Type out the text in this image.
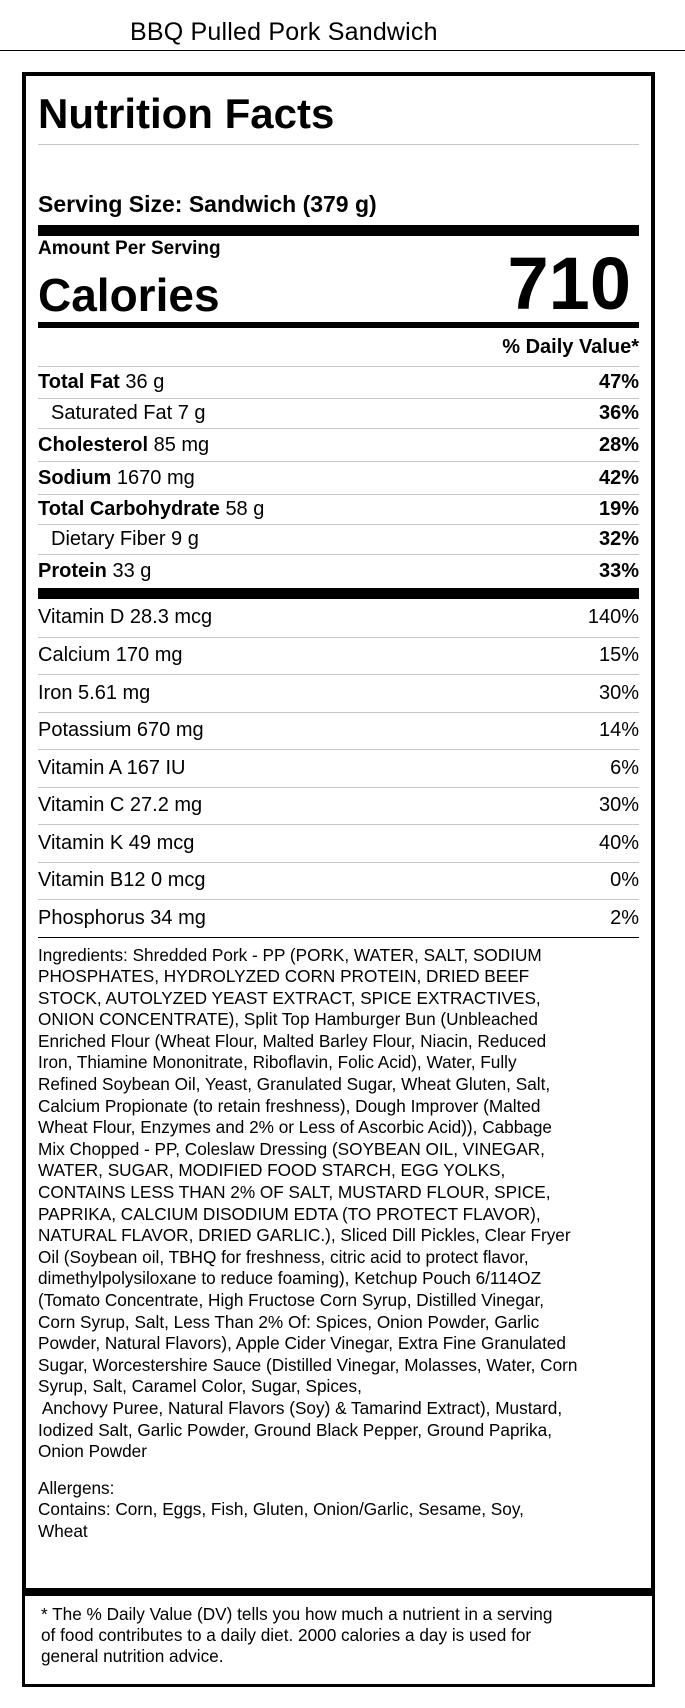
BBQ Pulled Pork Sandwich
Nutrition Facts
Serving Size: Sandwich (379 g)
Amount Per Serving
Calories	710
% Daily Value*
Total Fat 36 g	47%
Saturated Fat 7 g	36%
Cholesterol 85 mg	28%
Sodium 1670 mg	42%
Total Carbohydrate 58 g	19%
Dietary Fiber 9 g	32%
Protein 33 g	33%
Vitamin D 28.3 mcg	140%
Calcium 170 mg	15%
Iron 5.61 mg	30%
Potassium 670 mg	14%
Vitamin A 167 IU	6%
Vitamin C 27.2 mg	30%
Vitamin K 49 mcg	40%
Vitamin B12 0 mcg	0%
Phosphorus 34 mg	2%
Ingredients: Shredded Pork - PP (PORK, WATER, SALT, SODIUM
PHOSPHATES, HYDROLYZED CORN PROTEIN, DRIED BEEF
STOCK, AUTOLYZED YEAST EXTRACT, SPICE EXTRACTIVES,
ONION CONCENTRATE), Split Top Hamburger Bun (Unbleached
Enriched Flour (Wheat Flour, Malted Barley Flour, Niacin, Reduced
Iron, Thiamine Mononitrate, Riboflavin, Folic Acid), Water, Fully
Refined Soybean Oil, Yeast, Granulated Sugar, Wheat Gluten, Salt,
Calcium Propionate (to retain freshness), Dough Improver (Malted
Wheat Flour, Enzymes and 2% or Less of Ascorbic Acid)), Cabbage
Mix Chopped - PP, Coleslaw Dressing (SOYBEAN OIL, VINEGAR,
WATER, SUGAR, MODIFIED FOOD STARCH, EGG YOLKS,
CONTAINS LESS THAN 2% OF SALT, MUSTARD FLOUR, SPICE,
PAPRIKA, CALCIUM DISODIUM EDTA (TO PROTECT FLAVOR),
NATURAL FLAVOR, DRIED GARLIC.), Sliced Dill Pickles, Clear Fryer
Oil (Soybean oil, TBHQ for freshness, citric acid to protect flavor,
dimethylpolysiloxane to reduce foaming), Ketchup Pouch 6/114OZ
(Tomato Concentrate, High Fructose Corn Syrup, Distilled Vinegar,
Corn Syrup, Salt, Less Than 2% Of: Spices, Onion Powder, Garlic
Powder, Natural Flavors), Apple Cider Vinegar, Extra Fine Granulated
Sugar, Worcestershire Sauce (Distilled Vinegar, Molasses, Water, Corn
Syrup, Salt, Caramel Color, Sugar, Spices,
Anchovy Puree, Natural Flavors (Soy) & Tamarind Extract), Mustard,
Iodized Salt, Garlic Powder, Ground Black Pepper, Ground Paprika,
Onion Powder
Allergens:
Contains: Corn, Eggs, Fish, Gluten, Onion/Garlic, Sesame, Soy,
Wheat
* The % Daily Value (DV) tells you how much a nutrient in a serving
of food contributes to a daily diet. 2000 calories a day is used for
general nutrition advice.
